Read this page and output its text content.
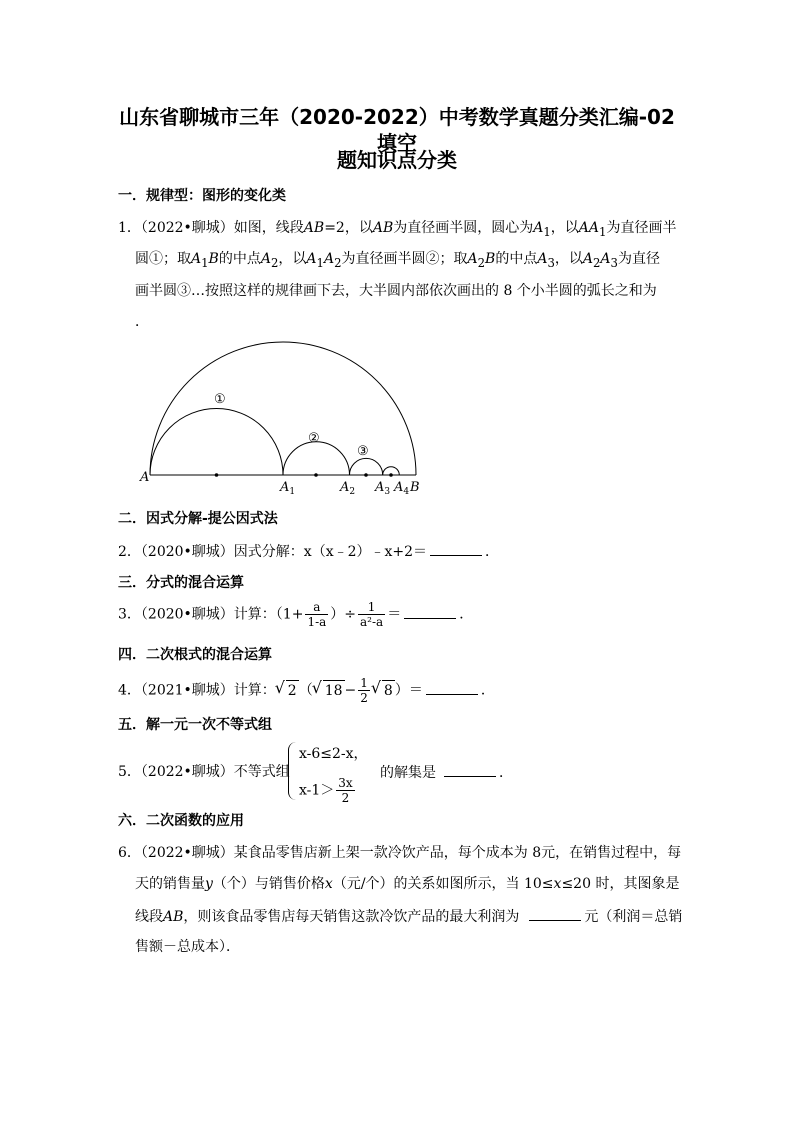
山东省聊城市三年（2020-2022）中考数学真题分类汇编-02 填空
题知识点分类
一．规律型：图形的变化类
1．（2022•聊城）如图，线段AB=2，以AB为直径画半圆，圆心为$A_1$，以$AA_1$为直径画半
圆①；取$A_1B$的中点$A_2$，以$A_1A_2$为直径画半圆②；取$A_2B$的中点$A_3$，以$A_2A_3$为直径
画半圆③…按照这样的规律画下去，大半圆内部依次画出的 8 个小半圆的弧长之和为
．
①
②
③
A
$A_1$	$A_2$ $A_3$ $A_4$ B
二．因式分解-提公因式法
2．（2020•聊城）因式分解：x（x﹣2）﹣x+2＝	．
三．分式的混合运算
3．（2020•聊城）计算：（$1+ \frac{a}{1-a}$ ）÷ $\frac{1}{\text{a²-a}}$ ＝	．
四．二次根式的混合运算
4．（2021•聊城）计算： √ 2 （ √ $18 - \frac{1}{2}$ √ 8 ）＝	．
五．解一元一次不等式组
5．（2022•聊城）不等式组
x-6≤2-x，
$x-1> \frac{3x}{2}$
的解集是	．
六．二次函数的应用
6．（2022•聊城）某食品零售店新上架一款冷饮产品，每个成本为 8元，在销售过程中，每
天的销售量y（个）与销售价格x（元/个）的关系如图所示，当 10≤x≤20 时，其图象是
线段AB，则该食品零售店每天销售这款冷饮产品的最大利润为	元（利润＝总销
售额－总成本）．
